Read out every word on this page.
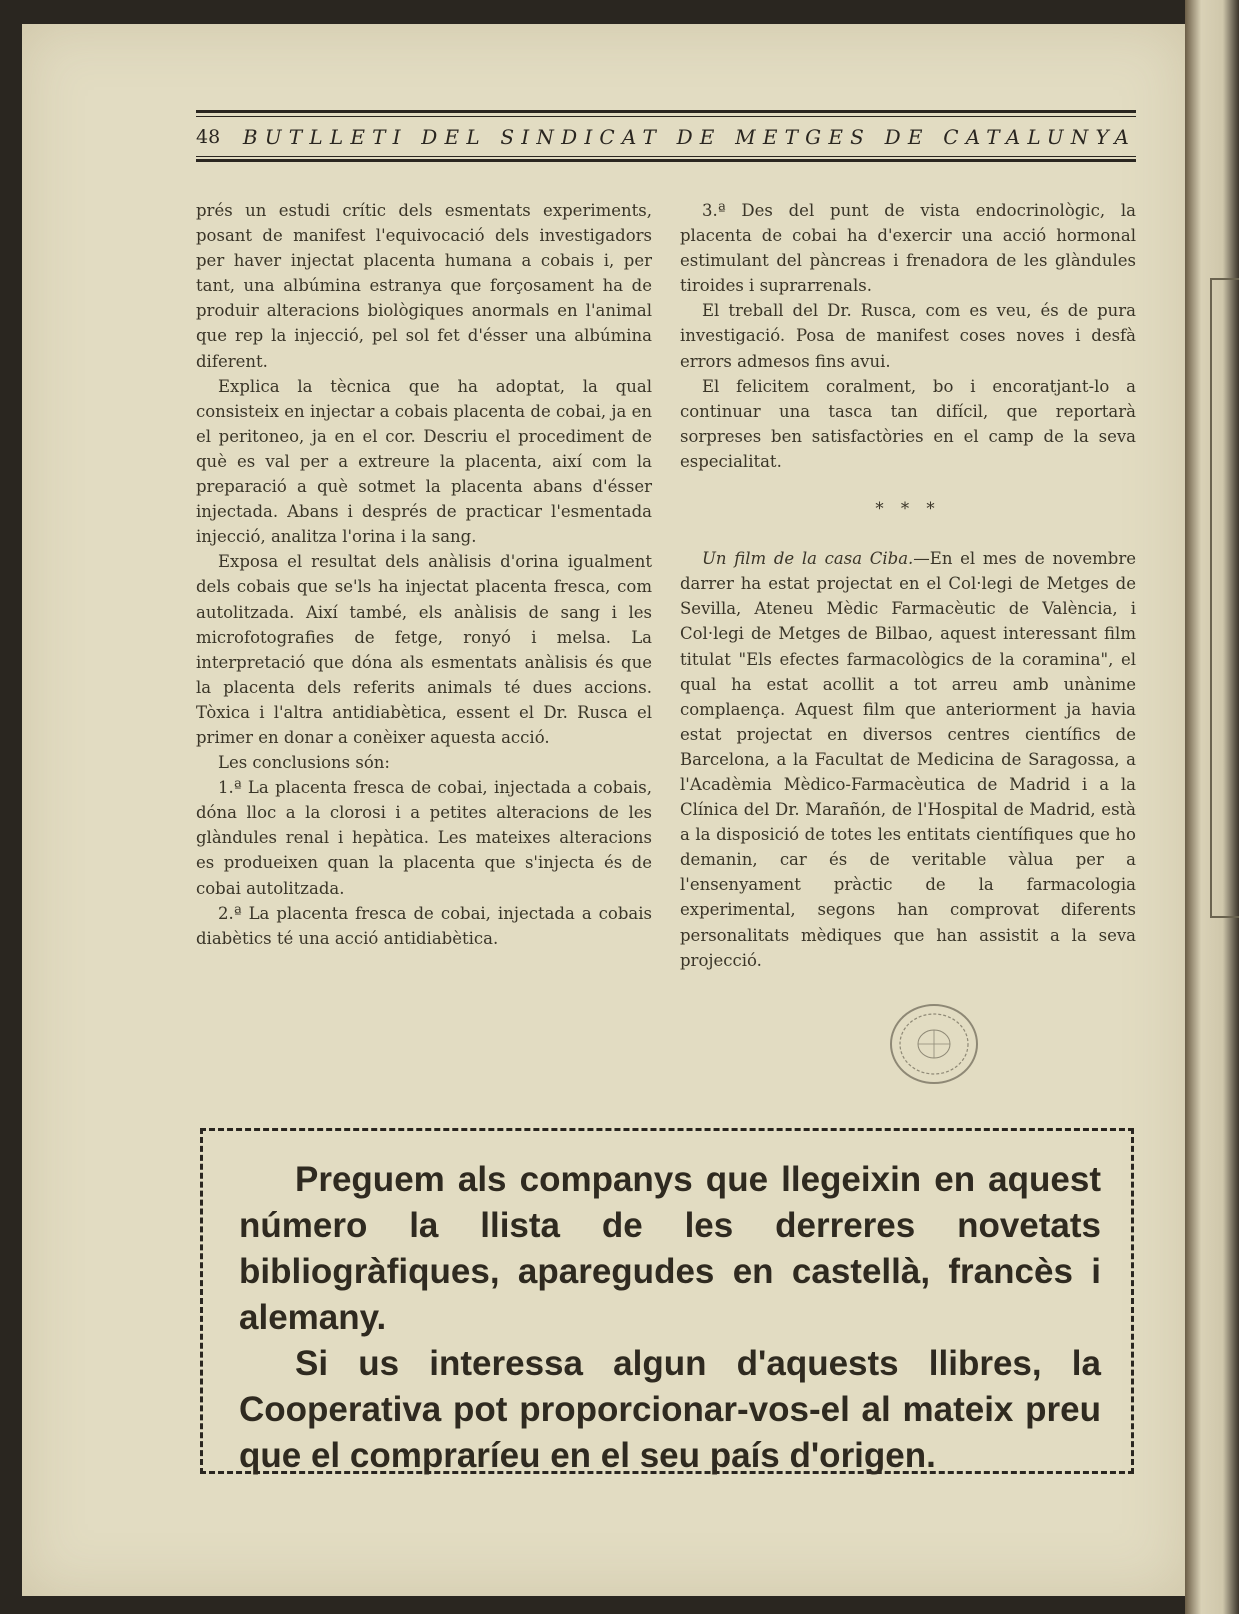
48 BUTLLETI DEL SINDICAT DE METGES DE CATALUNYA

prés un estudi crític dels esmentats experiments, posant de manifest l'equivocació dels investigadors per haver injectat placenta humana a cobais i, per tant, una albúmina estranya que forçosament ha de produir alteracions biològiques anormals en l'animal que rep la injecció, pel sol fet d'ésser una albúmina diferent.

Explica la tècnica que ha adoptat, la qual consisteix en injectar a cobais placenta de cobai, ja en el peritoneo, ja en el cor. Descriu el procediment de què es val per a extreure la placenta, així com la preparació a què sotmet la placenta abans d'ésser injectada. Abans i després de practicar l'esmentada injecció, analitza l'orina i la sang.

Exposa el resultat dels anàlisis d'orina igualment dels cobais que se'ls ha injectat placenta fresca, com autolitzada. Així també, els anàlisis de sang i les microfotografies de fetge, ronyó i melsa. La interpretació que dóna als esmentats anàlisis és que la placenta dels referits animals té dues accions. Tòxica i l'altra antidiabètica, essent el Dr. Rusca el primer en donar a conèixer aquesta acció.

Les conclusions són:

1.ª La placenta fresca de cobai, injectada a cobais, dóna lloc a la clorosi i a petites alteracions de les glàndules renal i hepàtica. Les mateixes alteracions es produeixen quan la placenta que s'injecta és de cobai autolitzada.

2.ª La placenta fresca de cobai, injectada a cobais diabètics té una acció antidiabètica.

3.ª Des del punt de vista endocrinològic, la placenta de cobai ha d'exercir una acció hormonal estimulant del pàncreas i frenadora de les glàndules tiroides i suprarrenals.

El treball del Dr. Rusca, com es veu, és de pura investigació. Posa de manifest coses noves i desfà errors admesos fins avui.

El felicitem coralment, bo i encoratjant-lo a continuar una tasca tan difícil, que reportarà sorpreses ben satisfactòries en el camp de la seva especialitat.

* * *

Un film de la casa Ciba.—En el mes de novembre darrer ha estat projectat en el Col·legi de Metges de Sevilla, Ateneu Mèdic Farmacèutic de València, i Col·legi de Metges de Bilbao, aquest interessant film titulat "Els efectes farmacològics de la coramina", el qual ha estat acollit a tot arreu amb unànime complaença. Aquest film que anteriorment ja havia estat projectat en diversos centres científics de Barcelona, a la Facultat de Medicina de Saragossa, a l'Acadèmia Mèdico-Farmacèutica de Madrid i a la Clínica del Dr. Marañón, de l'Hospital de Madrid, està a la disposició de totes les entitats científiques que ho demanin, car és de veritable vàlua per a l'ensenyament pràctic de la farmacologia experimental, segons han comprovat diferents personalitats mèdiques que han assistit a la seva projecció.

Preguem als companys que llegeixin en aquest número la llista de les derreres novetats bibliogràfiques, aparegudes en castellà, francès i alemany.

Si us interessa algun d'aquests llibres, la Cooperativa pot proporcionar-vos-el al mateix preu que el compraríeu en el seu país d'origen.
